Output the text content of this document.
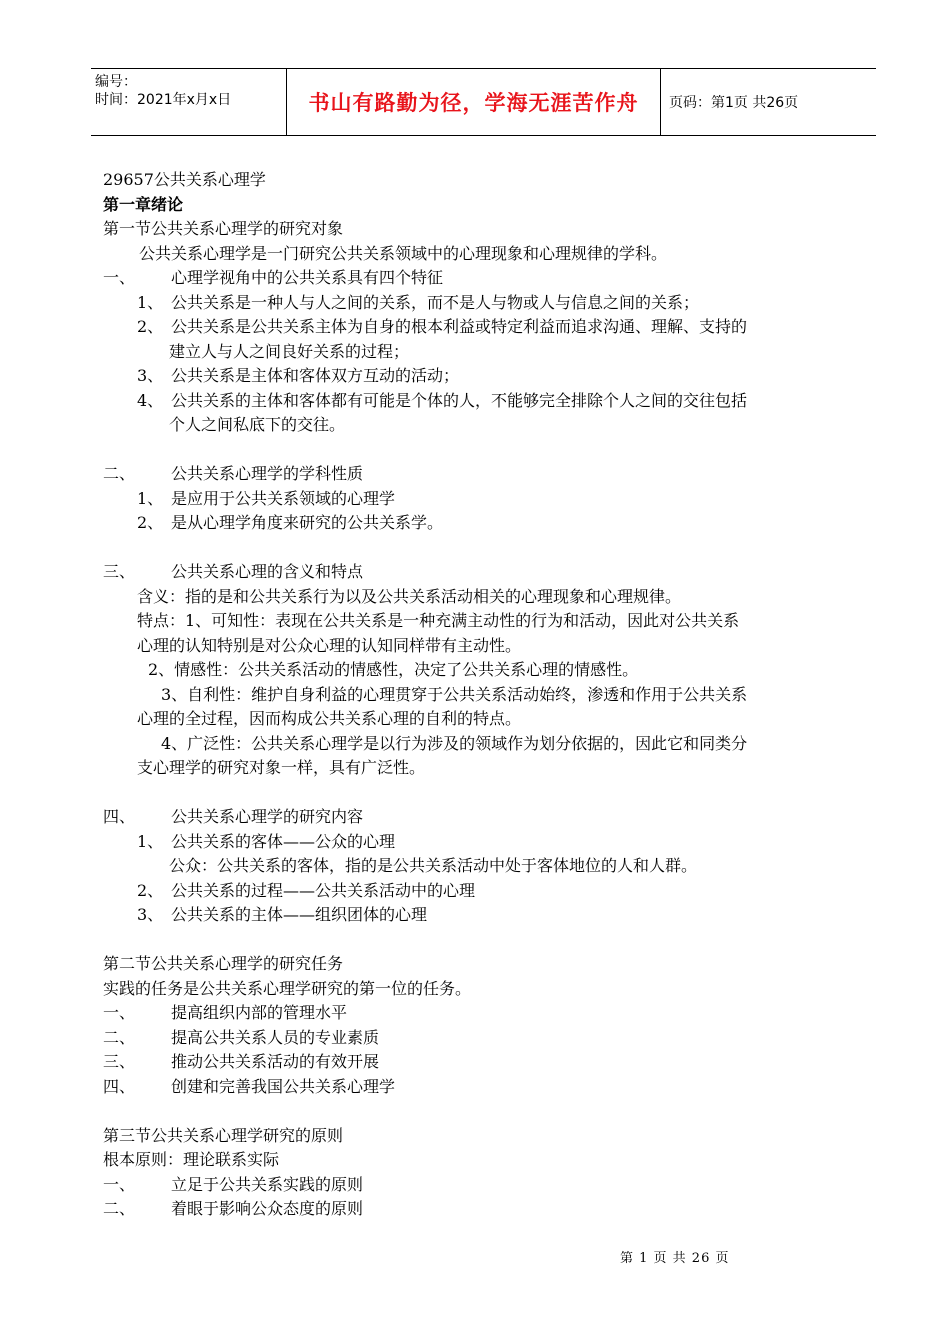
编号：
时间：2021年x月x日	书山有路勤为径，学海无涯苦作舟	页码：第1页 共26页
29657公共关系心理学
第一章绪论
第一节公共关系心理学的研究对象
公共关系心理学是一门研究公共关系领域中的心理现象和心理规律的学科。
一、 心理学视角中的公共关系具有四个特征
1、 公共关系是一种人与人之间的关系，而不是人与物或人与信息之间的关系；
2、 公共关系是公共关系主体为自身的根本利益或特定利益而追求沟通、理解、支持的
建立人与人之间良好关系的过程；
3、 公共关系是主体和客体双方互动的活动；
4、 公共关系的主体和客体都有可能是个体的人，不能够完全排除个人之间的交往包括
个人之间私底下的交往。
二、 公共关系心理学的学科性质
1、 是应用于公共关系领域的心理学
2、 是从心理学角度来研究的公共关系学。
三、 公共关系心理的含义和特点
含义：指的是和公共关系行为以及公共关系活动相关的心理现象和心理规律。
特点：1、可知性：表现在公共关系是一种充满主动性的行为和活动，因此对公共关系
心理的认知特别是对公众心理的认知同样带有主动性。
2、情感性：公共关系活动的情感性，决定了公共关系心理的情感性。
3、自利性：维护自身利益的心理贯穿于公共关系活动始终，渗透和作用于公共关系
心理的全过程，因而构成公共关系心理的自利的特点。
4、广泛性：公共关系心理学是以行为涉及的领域作为划分依据的，因此它和同类分
支心理学的研究对象一样，具有广泛性。
四、 公共关系心理学的研究内容
1、 公共关系的客体——公众的心理
公众：公共关系的客体，指的是公共关系活动中处于客体地位的人和人群。
2、 公共关系的过程——公共关系活动中的心理
3、 公共关系的主体——组织团体的心理
第二节公共关系心理学的研究任务
实践的任务是公共关系心理学研究的第一位的任务。
一、 提高组织内部的管理水平
二、 提高公共关系人员的专业素质
三、 推动公共关系活动的有效开展
四、 创建和完善我国公共关系心理学
第三节公共关系心理学研究的原则
根本原则：理论联系实际
一、 立足于公共关系实践的原则
二、 着眼于影响公众态度的原则
第 1 页 共 26 页
